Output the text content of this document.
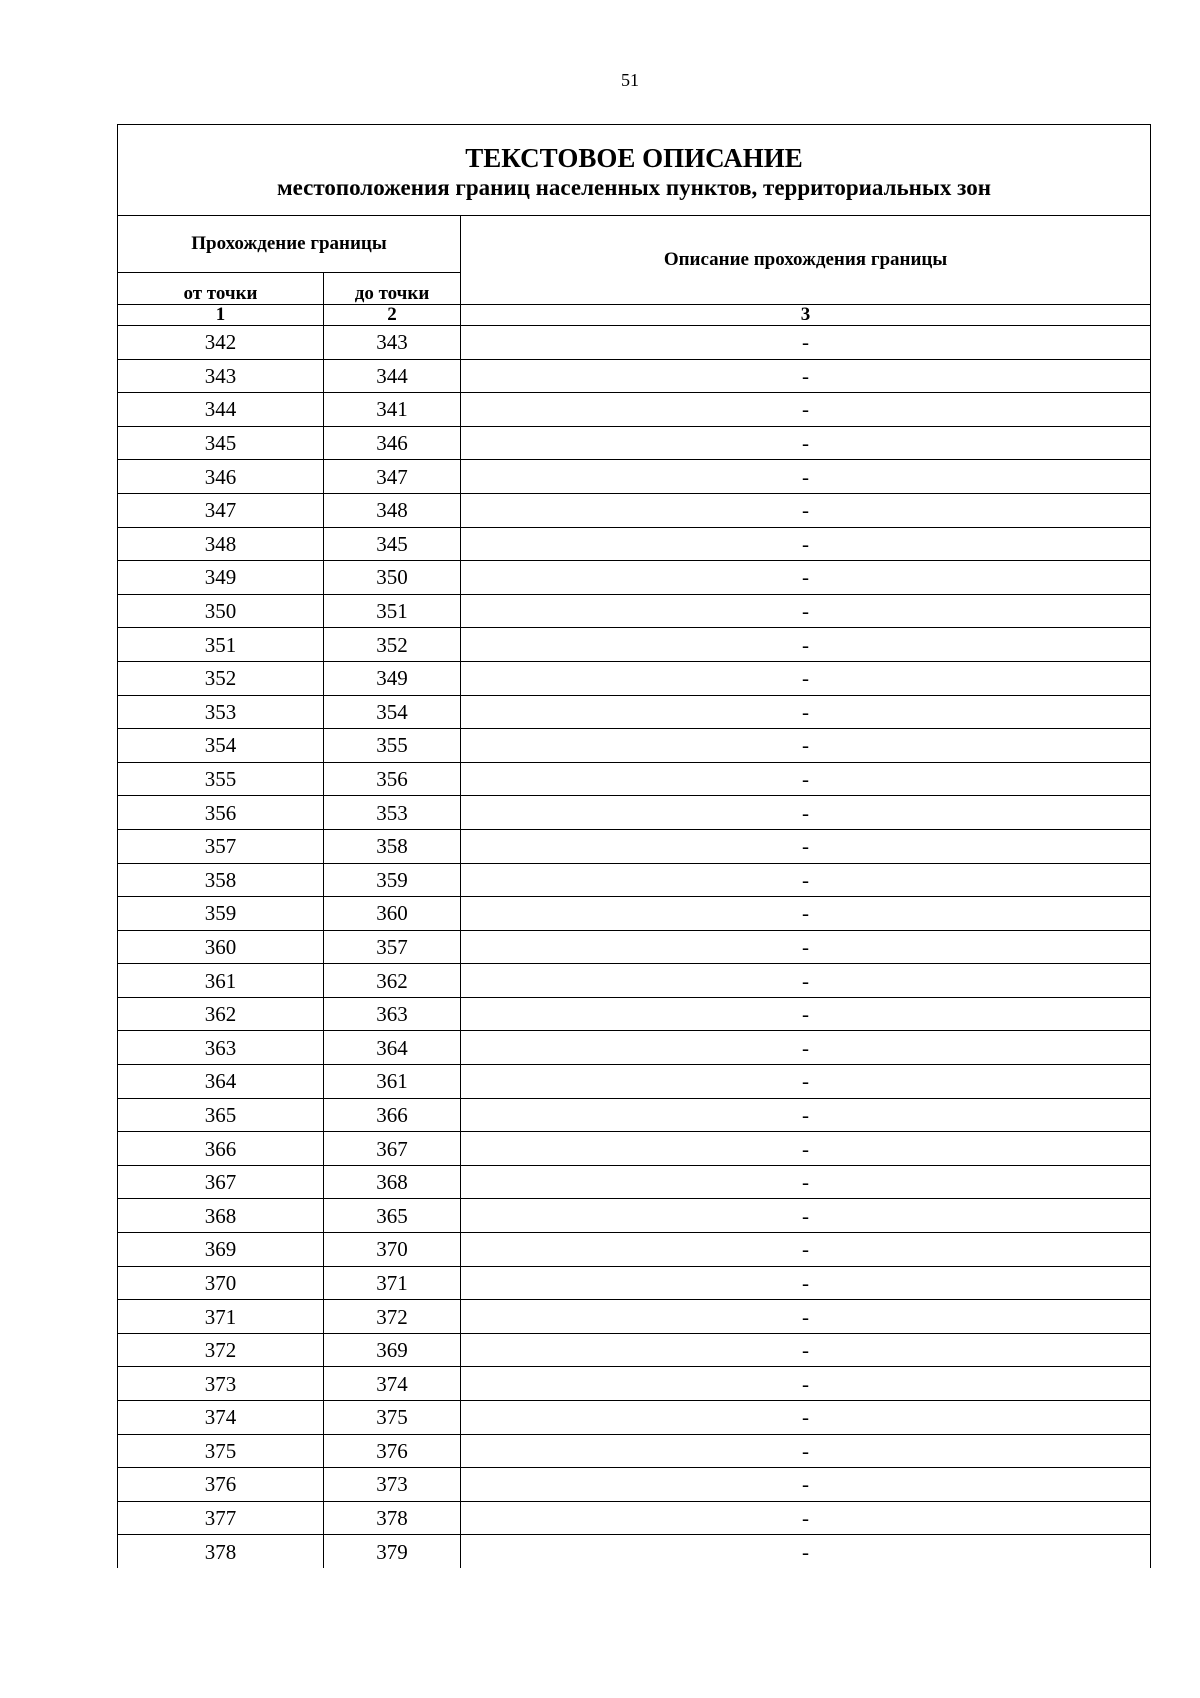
51
ТЕКСТОВОЕ ОПИСАНИЕ
местоположения границ населенных пунктов, территориальных зон		

Прохождение границы		Описание прохождения границы
от точки	до точки	
1	2	3
342	343	-
343	344	-
344	341	-
345	346	-
346	347	-
347	348	-
348	345	-
349	350	-
350	351	-
351	352	-
352	349	-
353	354	-
354	355	-
355	356	-
356	353	-
357	358	-
358	359	-
359	360	-
360	357	-
361	362	-
362	363	-
363	364	-
364	361	-
365	366	-
366	367	-
367	368	-
368	365	-
369	370	-
370	371	-
371	372	-
372	369	-
373	374	-
374	375	-
375	376	-
376	373	-
377	378	-
378	379	-
